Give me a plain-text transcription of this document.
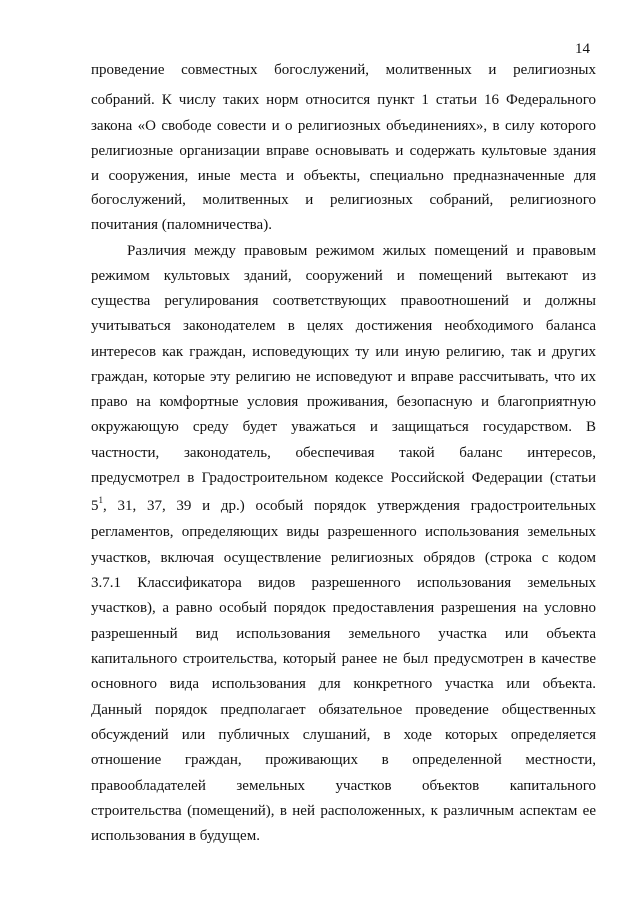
14
проведение совместных богослужений, молитвенных и религиозных
собраний. К числу таких норм относится пункт 1 статьи 16 Федерального
закона «О свободе совести и о религиозных объединениях», в силу которого
религиозные организации вправе основывать и содержать культовые здания
и сооружения, иные места и объекты, специально предназначенные для
богослужений, молитвенных и религиозных собраний, религиозного
почитания (паломничества).
Различия между правовым режимом жилых помещений и правовым
режимом культовых зданий, сооружений и помещений вытекают из
существа регулирования соответствующих правоотношений и должны
учитываться законодателем в целях достижения необходимого баланса
интересов как граждан, исповедующих ту или иную религию, так и других
граждан, которые эту религию не исповедуют и вправе рассчитывать, что их
право на комфортные условия проживания, безопасную и благоприятную
окружающую среду будет уважаться и защищаться государством. В
частности, законодатель, обеспечивая такой баланс интересов,
предусмотрел в Градостроительном кодексе Российской Федерации (статьи
$5^1$, 31, 37, 39 и др.) особый порядок утверждения градостроительных
регламентов, определяющих виды разрешенного использования земельных
участков, включая осуществление религиозных обрядов (строка с кодом
3.7.1 Классификатора видов разрешенного использования земельных
участков), а равно особый порядок предоставления разрешения на условно
разрешенный вид использования земельного участка или объекта
капитального строительства, который ранее не был предусмотрен в качестве
основного вида использования для конкретного участка или объекта.
Данный порядок предполагает обязательное проведение общественных
обсуждений или публичных слушаний, в ходе которых определяется
отношение граждан, проживающих в определенной местности,
правообладателей земельных участков объектов капитального
строительства (помещений), в ней расположенных, к различным аспектам ее
использования в будущем.
